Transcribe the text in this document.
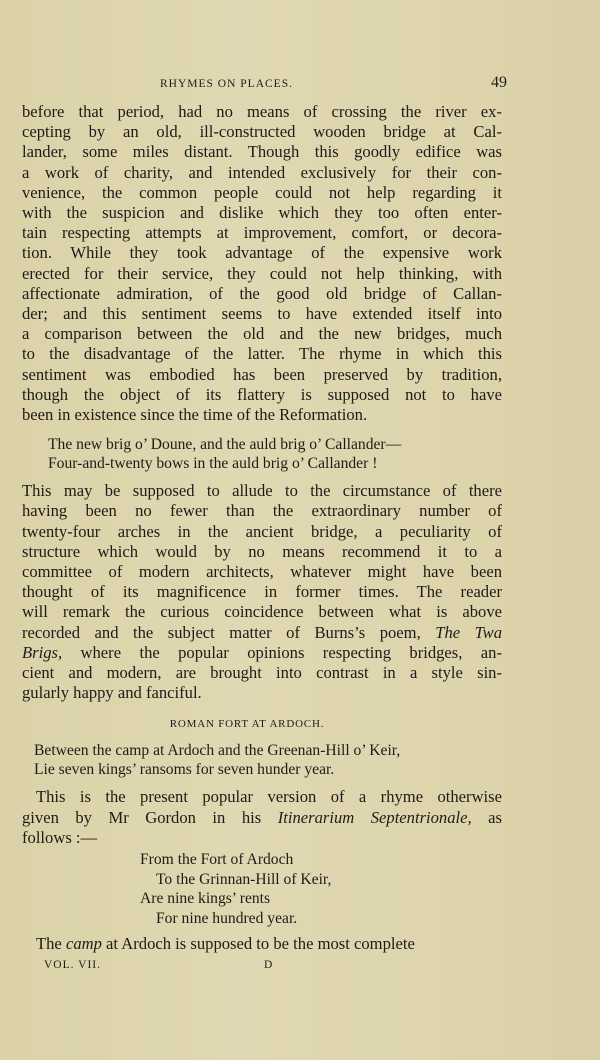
RHYMES ON PLACES.	49
before that period, had no means of crossing the river ex-
cepting by an old, ill-constructed wooden bridge at Cal-
lander, some miles distant. Though this goodly edifice was
a work of charity, and intended exclusively for their con-
venience, the common people could not help regarding it
with the suspicion and dislike which they too often enter-
tain respecting attempts at improvement, comfort, or decora-
tion. While they took advantage of the expensive work
erected for their service, they could not help thinking, with
affectionate admiration, of the good old bridge of Callan-
der; and this sentiment seems to have extended itself into
a comparison between the old and the new bridges, much
to the disadvantage of the latter. The rhyme in which this
sentiment was embodied has been preserved by tradition,
though the object of its flattery is supposed not to have
been in existence since the time of the Reformation.
The new brig o’ Doune, and the auld brig o’ Callander—
Four-and-twenty bows in the auld brig o’ Callander !
This may be supposed to allude to the circumstance of there
having been no fewer than the extraordinary number of
twenty-four arches in the ancient bridge, a peculiarity of
structure which would by no means recommend it to a
committee of modern architects, whatever might have been
thought of its magnificence in former times. The reader
will remark the curious coincidence between what is above
recorded and the subject matter of Burns’s poem, The Twa
Brigs, where the popular opinions respecting bridges, an-
cient and modern, are brought into contrast in a style sin-
gularly happy and fanciful.
ROMAN FORT AT ARDOCH.
Between the camp at Ardoch and the Greenan-Hill o’ Keir,
Lie seven kings’ ransoms for seven hunder year.
This is the present popular version of a rhyme otherwise
given by Mr Gordon in his Itinerarium Septentrionale, as
follows :—
From the Fort of Ardoch
To the Grinnan-Hill of Keir,
Are nine kings’ rents
For nine hundred year.
The camp at Ardoch is supposed to be the most complete
VOL. VII.	D
